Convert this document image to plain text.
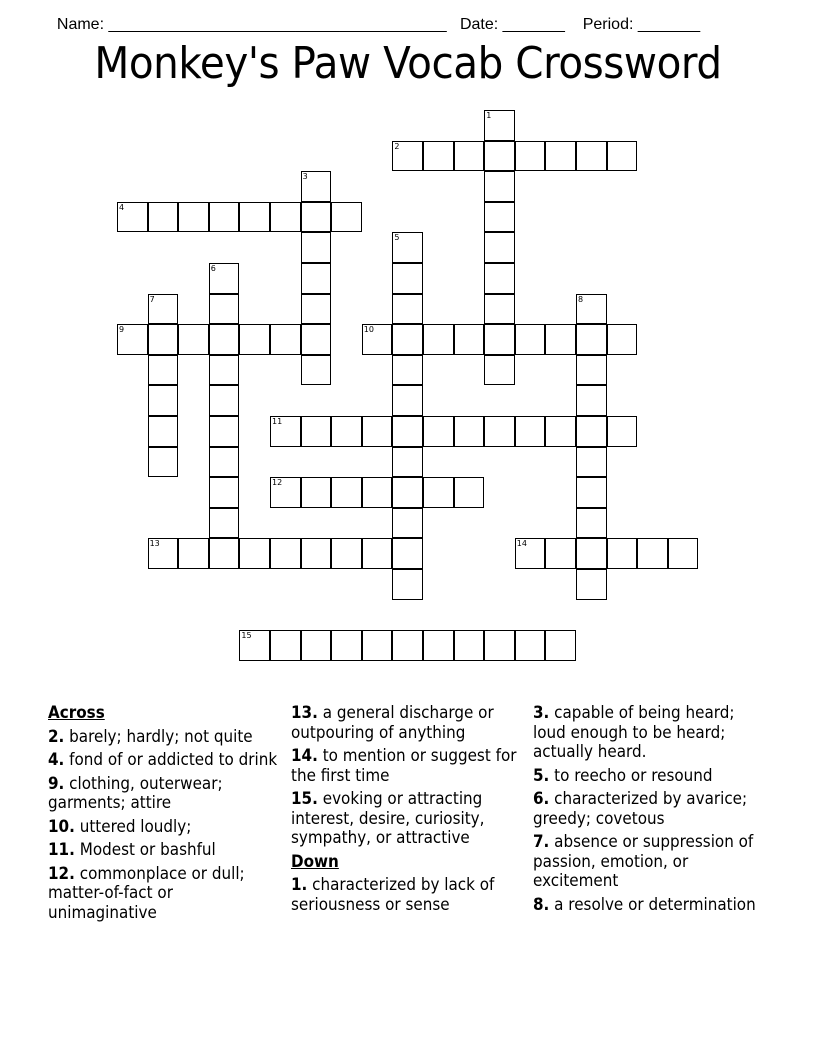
Name: ______________________________________ Date: _______ Period: _______

Monkey's Paw Vocab Crossword
1
2
3
4
5
6
7	8
9	10
11
12
13	14
15
Across
2. barely; hardly; not quite
4. fond of or addicted to drink
9. clothing, outerwear; garments; attire
10. uttered loudly;
11. Modest or bashful
12. commonplace or dull; matter-of-fact or unimaginative
13. a general discharge or outpouring of anything
14. to mention or suggest for the first time
15. evoking or attracting interest, desire, curiosity, sympathy, or attractive
Down
1. characterized by lack of seriousness or sense
3. capable of being heard; loud enough to be heard; actually heard.
5. to reecho or resound
6. characterized by avarice; greedy; covetous
7. absence or suppression of passion, emotion, or excitement
8. a resolve or determination
